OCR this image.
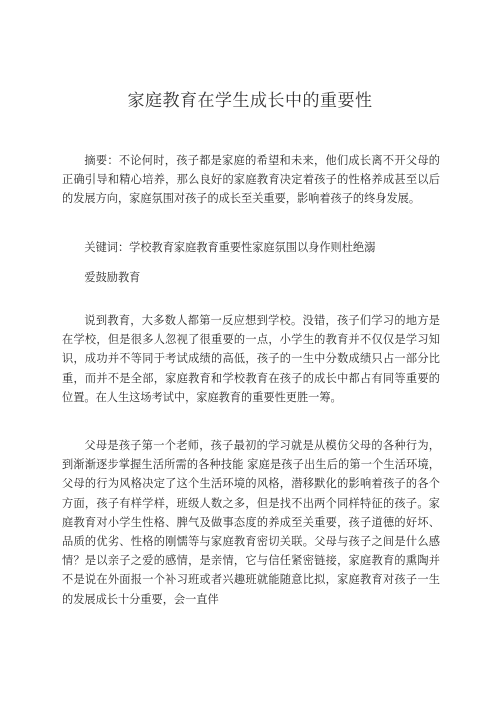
家庭教育在学生成长中的重要性

摘要：不论何时，孩子都是家庭的希望和未来，他们成长离不开父母的正确引导和精心培养，那么良好的家庭教育决定着孩子的性格养成甚至以后的发展方向，家庭氛围对孩子的成长至关重要，影响着孩子的终身发展。

关键词：学校教育家庭教育重要性家庭氛围以身作则杜绝溺

爱鼓励教育

说到教育，大多数人都第一反应想到学校。没错，孩子们学习的地方是在学校，但是很多人忽视了很重要的一点，小学生的教育并不仅仅是学习知识，成功并不等同于考试成绩的高低，孩子的一生中分数成绩只占一部分比重，而并不是全部，家庭教育和学校教育在孩子的成长中都占有同等重要的位置。在人生这场考试中，家庭教育的重要性更胜一筹。

父母是孩子第一个老师，孩子最初的学习就是从模仿父母的各种行为，到渐渐逐步掌握生活所需的各种技能 家庭是孩子出生后的第一个生活环境，父母的行为风格决定了这个生活环境的风格，潜移默化的影响着孩子的各个方面，孩子有样学样，班级人数之多，但是找不出两个同样特征的孩子。家庭教育对小学生性格、脾气及做事态度的养成至关重要，孩子道德的好坏、品质的优劣、性格的刚懦等与家庭教育密切关联。父母与孩子之间是什么感情？是以亲子之爱的感情，是亲情，它与信任紧密链接，家庭教育的熏陶并不是说在外面报一个补习班或者兴趣班就能随意比拟，家庭教育对孩子一生的发展成长十分重要，会一直伴
